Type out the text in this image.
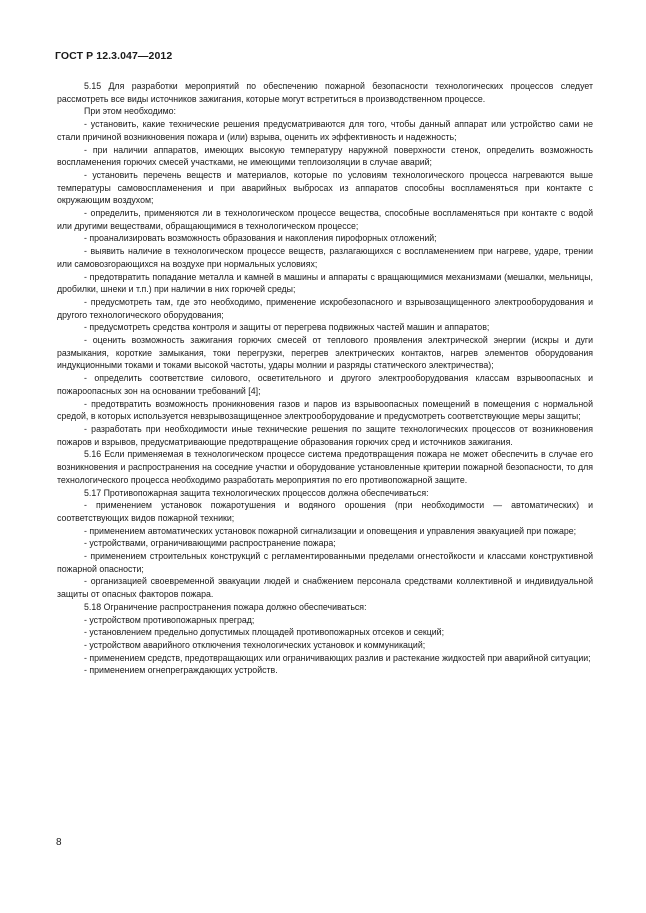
ГОСТ Р 12.3.047—2012

5.15 Для разработки мероприятий по обеспечению пожарной безопасности технологических процессов следует рассмотреть все виды источников зажигания, которые могут встретиться в производственном процессе.

При этом необходимо:

- установить, какие технические решения предусматриваются для того, чтобы данный аппарат или устройство сами не стали причиной возникновения пожара и (или) взрыва, оценить их эффективность и надежность;

- при наличии аппаратов, имеющих высокую температуру наружной поверхности стенок, определить возможность воспламенения горючих смесей участками, не имеющими теплоизоляции в случае аварий;

- установить перечень веществ и материалов, которые по условиям технологического процесса нагреваются выше температуры самовоспламенения и при аварийных выбросах из аппаратов способны воспламеняться при контакте с окружающим воздухом;

- определить, применяются ли в технологическом процессе вещества, способные воспламеняться при контакте с водой или другими веществами, обращающимися в технологическом процессе;

- проанализировать возможность образования и накопления пирофорных отложений;

- выявить наличие в технологическом процессе веществ, разлагающихся с воспламенением при нагреве, ударе, трении или самовозгорающихся на воздухе при нормальных условиях;

- предотвратить попадание металла и камней в машины и аппараты с вращающимися механизмами (мешалки, мельницы, дробилки, шнеки и т.п.) при наличии в них горючей среды;

- предусмотреть там, где это необходимо, применение искробезопасного и взрывозащищенного электрооборудования и другого технологического оборудования;

- предусмотреть средства контроля и защиты от перегрева подвижных частей машин и аппаратов;

- оценить возможность зажигания горючих смесей от теплового проявления электрической энергии (искры и дуги размыкания, короткие замыкания, токи перегрузки, перегрев электрических контактов, нагрев элементов оборудования индукционными токами и токами высокой частоты, удары молнии и разряды статического электричества);

- определить соответствие силового, осветительного и другого электрооборудования классам взрывоопасных и пожароопасных зон на основании требований [4];

- предотвратить возможность проникновения газов и паров из взрывоопасных помещений в помещения с нормальной средой, в которых используется невзрывозащищенное электрооборудование и предусмотреть соответствующие меры защиты;

- разработать при необходимости иные технические решения по защите технологических процессов от возникновения пожаров и взрывов, предусматривающие предотвращение образования горючих сред и источников зажигания.

5.16 Если применяемая в технологическом процессе система предотвращения пожара не может обеспечить в случае его возникновения и распространения на соседние участки и оборудование установленные критерии пожарной безопасности, то для технологического процесса необходимо разработать мероприятия по его противопожарной защите.

5.17 Противопожарная защита технологических процессов должна обеспечиваться:

- применением установок пожаротушения и водяного орошения (при необходимости — автоматических) и соответствующих видов пожарной техники;

- применением автоматических установок пожарной сигнализации и оповещения и управления эвакуацией при пожаре;

- устройствами, ограничивающими распространение пожара;

- применением строительных конструкций с регламентированными пределами огнестойкости и классами конструктивной пожарной опасности;

- организацией своевременной эвакуации людей и снабжением персонала средствами коллективной и индивидуальной защиты от опасных факторов пожара.

5.18 Ограничение распространения пожара должно обеспечиваться:

- устройством противопожарных преград;

- установлением предельно допустимых площадей противопожарных отсеков и секций;

- устройством аварийного отключения технологических установок и коммуникаций;

- применением средств, предотвращающих или ограничивающих разлив и растекание жидкостей при аварийной ситуации;

- применением огнепреграждающих устройств.

8
